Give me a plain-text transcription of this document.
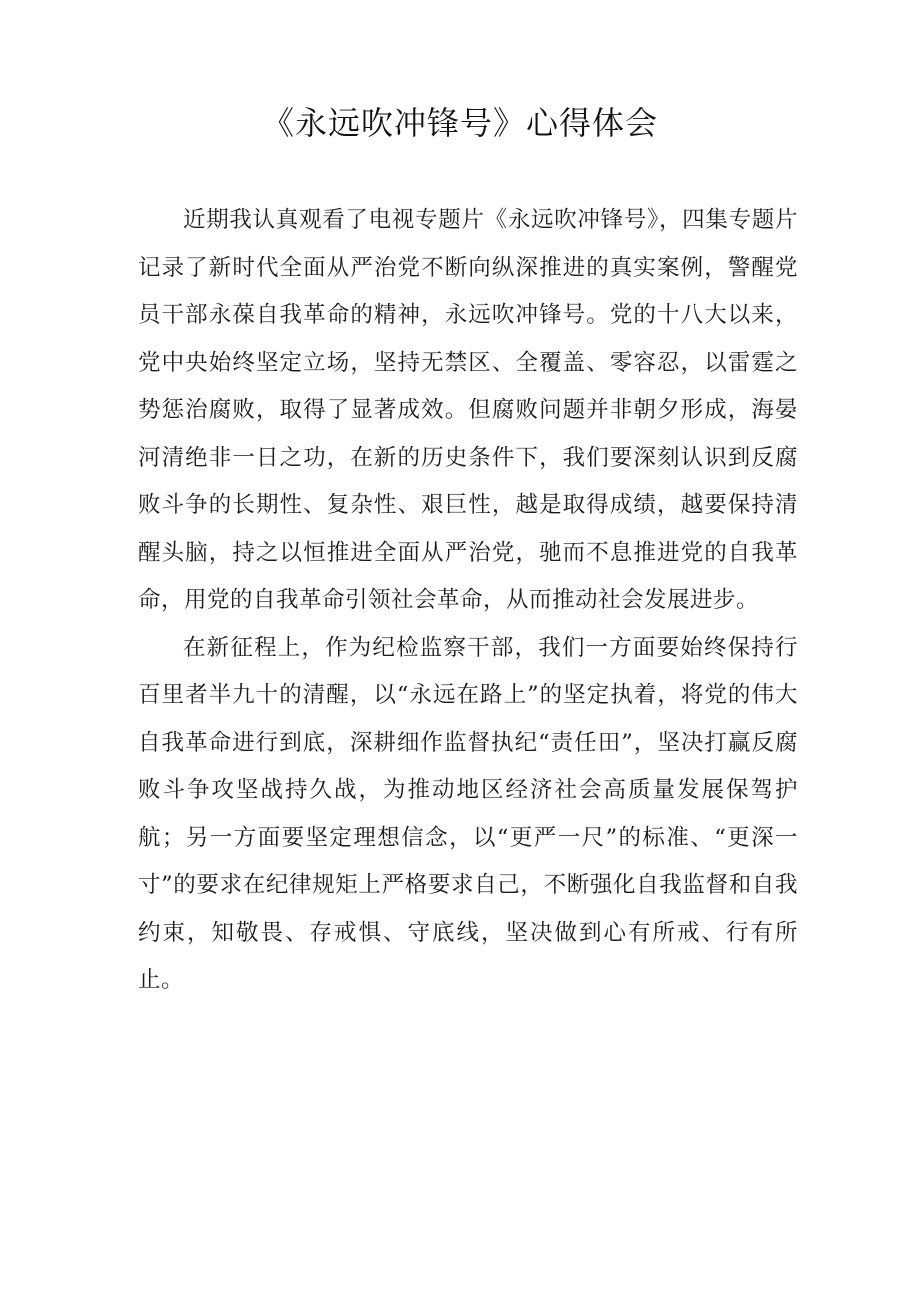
《永远吹冲锋号》心得体会

近期我认真观看了电视专题片《永远吹冲锋号》，四集专题片记录了新时代全面从严治党不断向纵深推进的真实案例，警醒党员干部永葆自我革命的精神，永远吹冲锋号。党的十八大以来，党中央始终坚定立场，坚持无禁区、全覆盖、零容忍，以雷霆之势惩治腐败，取得了显著成效。但腐败问题并非朝夕形成，海晏河清绝非一日之功，在新的历史条件下，我们要深刻认识到反腐败斗争的长期性、复杂性、艰巨性，越是取得成绩，越要保持清醒头脑，持之以恒推进全面从严治党，驰而不息推进党的自我革命，用党的自我革命引领社会革命，从而推动社会发展进步。

在新征程上，作为纪检监察干部，我们一方面要始终保持行百里者半九十的清醒，以“永远在路上”的坚定执着，将党的伟大自我革命进行到底，深耕细作监督执纪“责任田”，坚决打赢反腐败斗争攻坚战持久战，为推动地区经济社会高质量发展保驾护航；另一方面要坚定理想信念，以“更严一尺”的标准、“更深一寸”的要求在纪律规矩上严格要求自己，不断强化自我监督和自我约束，知敬畏、存戒惧、守底线，坚决做到心有所戒、行有所止。
